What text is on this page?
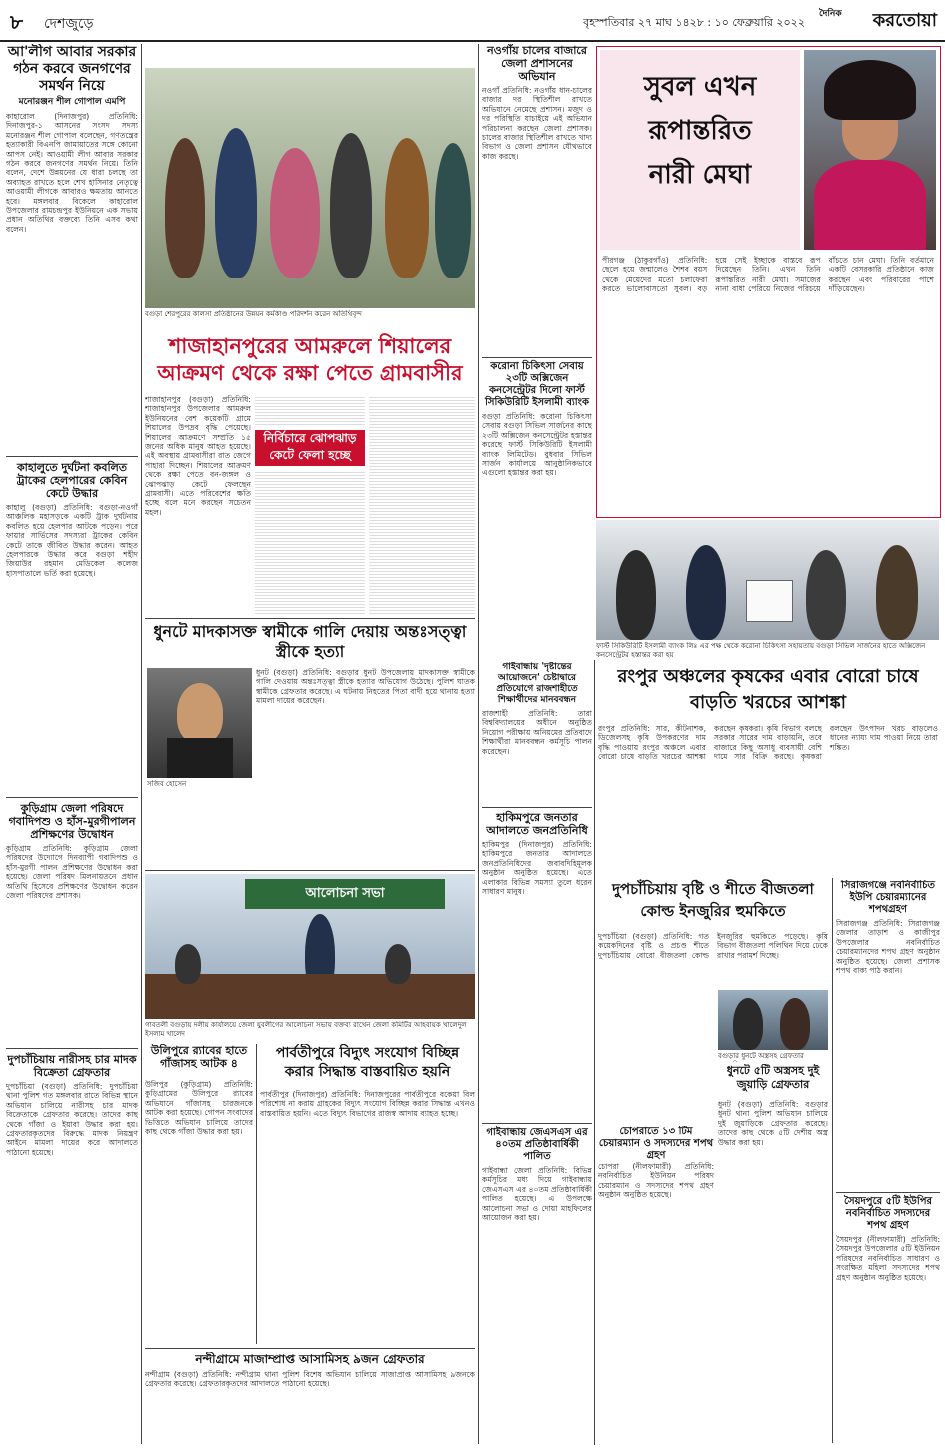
৮ দেশজুড়ে	বৃহস্পতিবার ২৭ মাঘ ১৪২৮ : ১০ ফেব্রুয়ারি ২০২২
দৈনিক করতোয়া
আ'লীগ আবার সরকার গঠন করবে জনগণের সমর্থন নিয়ে
মনোরঞ্জন শীল গোপাল এমপি
কাহারোল (দিনাজপুর) প্রতিনিধি: দিনাজপুর-১ আসনের সংসদ সদস্য মনোরঞ্জন শীল গোপাল বলেছেন, গণতন্ত্রের হত্যাকারী বিএনপি জামায়াতের সঙ্গে কোনো আপস নেই। আওয়ামী লীগ আবার সরকার গঠন করবে জনগণের সমর্থন নিয়ে। তিনি বলেন, দেশে উন্নয়নের যে ধারা চলছে তা অব্যাহত রাখতে হলে শেখ হাসিনার নেতৃত্বে আওয়ামী লীগকে আবারও ক্ষমতায় আনতে হবে। মঙ্গলবার বিকেলে কাহারোল উপজেলার রামচন্দ্রপুর ইউনিয়নে এক সভায় প্রধান অতিথির বক্তব্যে তিনি এসব কথা বলেন।
কাহালুতে দুর্ঘটনা কবলিত ট্রাকের হেলপারের কেবিন কেটে উদ্ধার
কাহালু (বগুড়া) প্রতিনিধি: বগুড়া-নওগাঁ আঞ্চলিক মহাসড়কে একটি ট্রাক দুর্ঘটনায় কবলিত হয়ে হেলপার আটকে পড়েন। পরে ফায়ার সার্ভিসের সদস্যরা ট্রাকের কেবিন কেটে তাকে জীবিত উদ্ধার করেন। আহত হেলপারকে উদ্ধার করে বগুড়া শহীদ জিয়াউর রহমান মেডিকেল কলেজ হাসপাতালে ভর্তি করা হয়েছে।
কুড়িগ্রাম জেলা পরিষদে গবাদিপশু ও হাঁস-মুরগীপালন প্রশিক্ষণের উদ্বোধন
কুড়িগ্রাম প্রতিনিধি: কুড়িগ্রাম জেলা পরিষদের উদ্যোগে দিনব্যাপী গবাদিপশু ও হাঁস-মুরগী পালন প্রশিক্ষণের উদ্বোধন করা হয়েছে। জেলা পরিষদ মিলনায়তনে প্রধান অতিথি হিসেবে প্রশিক্ষণের উদ্বোধন করেন জেলা পরিষদের প্রশাসক।
দুপচাঁচিয়ায় নারীসহ চার মাদক বিক্রেতা গ্রেফতার
দুপচাঁচিয়া (বগুড়া) প্রতিনিধি: দুপচাঁচিয়া থানা পুলিশ গত মঙ্গলবার রাতে বিভিন্ন স্থানে অভিযান চালিয়ে নারীসহ চার মাদক বিক্রেতাকে গ্রেফতার করেছে। তাদের কাছ থেকে গাঁজা ও ইয়াবা উদ্ধার করা হয়। গ্রেফতারকৃতদের বিরুদ্ধে মাদক নিয়ন্ত্রণ আইনে মামলা দায়ের করে আদালতে পাঠানো হয়েছে।
বগুড়া শেরপুরের কালসা প্রতিষ্ঠানের উন্নয়ন কর্মকাণ্ড পরিদর্শন করেন অতিথিবৃন্দ
শাজাহানপুরের আমরুলে শিয়ালের আক্রমণ থেকে রক্ষা পেতে গ্রামবাসীর
শাজাহানপুর (বগুড়া) প্রতিনিধি: শাজাহানপুর উপজেলার আমরুল ইউনিয়নের বেশ কয়েকটি গ্রামে শিয়ালের উপদ্রব বৃদ্ধি পেয়েছে। শিয়ালের আক্রমণে সম্প্রতি ১৫ জনের অধিক মানুষ আহত হয়েছে। এই অবস্থায় গ্রামবাসীরা রাত জেগে পাহারা দিচ্ছেন। শিয়ালের আক্রমণ থেকে রক্ষা পেতে বন-জঙ্গল ও ঝোপঝাড় কেটে ফেলছেন গ্রামবাসী। এতে পরিবেশের ক্ষতি হচ্ছে বলে মনে করছেন সচেতন মহল।
নির্বিচারে ঝোপঝাড় কেটে ফেলা হচ্ছে
ধুনটে মাদকাসক্ত স্বামীকে গালি দেয়ায় অন্তঃসত্ত্বা স্ত্রীকে হত্যা
সজিব হোসেন
ধুনট (বগুড়া) প্রতিনিধি: বগুড়ার ধুনট উপজেলায় মাদকাসক্ত স্বামীকে গালি দেওয়ায় অন্তঃসত্ত্বা স্ত্রীকে হত্যার অভিযোগ উঠেছে। পুলিশ ঘাতক স্বামীকে গ্রেফতার করেছে। এ ঘটনায় নিহতের পিতা বাদী হয়ে থানায় হত্যা মামলা দায়ের করেছেন।
আলোচনা সভা
গাবতলী বগুড়ায় দলীয় কার্যালয়ে জেলা যুবলীগের আলোচনা সভায় বক্তব্য রাখেন জেলা কমিটির আহবায়ক খালেদুল ইসলাম খালেদ
উলিপুরে র‍্যাবের হাতে গাঁজাসহ আটক ৪
উলিপুর (কুড়িগ্রাম) প্রতিনিধি: কুড়িগ্রামের উলিপুরে র‍্যাবের অভিযানে গাঁজাসহ চারজনকে আটক করা হয়েছে। গোপন সংবাদের ভিত্তিতে অভিযান চালিয়ে তাদের কাছ থেকে গাঁজা উদ্ধার করা হয়।
পার্বতীপুরে বিদ্যুৎ সংযোগ বিচ্ছিন্ন করার সিদ্ধান্ত বাস্তবায়িত হয়নি
পার্বতীপুর (দিনাজপুর) প্রতিনিধি: দিনাজপুরের পার্বতীপুরে বকেয়া বিল পরিশোধ না করায় গ্রাহকের বিদ্যুৎ সংযোগ বিচ্ছিন্ন করার সিদ্ধান্ত এখনও বাস্তবায়িত হয়নি। এতে বিদ্যুৎ বিভাগের রাজস্ব আদায় ব্যাহত হচ্ছে।
নন্দীগ্রামে মাজাম্প্রাপ্ত আসামিসহ ৯জন গ্রেফতার
নন্দীগ্রাম (বগুড়া) প্রতিনিধি: নন্দীগ্রাম থানা পুলিশ বিশেষ অভিযান চালিয়ে সাজাপ্রাপ্ত আসামিসহ ৯জনকে গ্রেফতার করেছে। গ্রেফতারকৃতদের আদালতে পাঠানো হয়েছে।
নওগাঁয় চালের বাজারে জেলা প্রশাসনের অভিযান
নওগাঁ প্রতিনিধি: নওগাঁয় ধান-চালের বাজার দর স্থিতিশীল রাখতে অভিযানে নেমেছে প্রশাসন। মজুদ ও দর পরিস্থিতি যাচাইয়ে এই অভিযান পরিচালনা করছেন জেলা প্রশাসক। চালের বাজার স্থিতিশীল রাখতে খাদ্য বিভাগ ও জেলা প্রশাসন যৌথভাবে কাজ করছে।
করোনা চিকিৎসা সেবায় ২৩টি অক্সিজেন কনসেন্ট্রেটর দিলো ফার্স্ট সিকিউরিটি ইসলামী ব্যাংক
বগুড়া প্রতিনিধি: করোনা চিকিৎসা সেবায় বগুড়া সিভিল সার্জনের কাছে ২৩টি অক্সিজেন কনসেন্ট্রেটর হস্তান্তর করেছে ফার্স্ট সিকিউরিটি ইসলামী ব্যাংক লিমিটেড। বুধবার সিভিল সার্জন কার্যালয়ে আনুষ্ঠানিকভাবে এগুলো হস্তান্তর করা হয়।
সুবল এখন
রূপান্তরিত
নারী মেঘা
পীরগঞ্জ (ঠাকুরগাঁও) প্রতিনিধি: ছেলে হয়ে জন্মালেও শৈশব বয়স থেকে মেয়েদের মতো চলাফেরা করতে ভালোবাসতো সুবল। বড় হয়ে সেই ইচ্ছাকে বাস্তবে রূপ দিয়েছেন তিনি। এখন তিনি রূপান্তরিত নারী মেঘা। সমাজের নানা বাধা পেরিয়ে নিজের পরিচয়ে বাঁচতে চান মেঘা। তিনি বর্তমানে একটি বেসরকারি প্রতিষ্ঠানে কাজ করছেন এবং পরিবারের পাশে দাঁড়িয়েছেন।
ফার্স্ট সিকিউরিটি ইসলামী ব্যাংক লিঃ এর পক্ষ থেকে করোনা চিকিৎসা সহায়তায় বগুড়া সিভিল সার্জনের হাতে অক্সিজেন কনসেন্ট্রেটর হস্তান্তর করা হয়
গাইবান্ধায় 'দৃষ্টান্তের আয়োজনে' চেষ্টাদ্বারে প্রতিযোগে রাজশাহীতে শিক্ষার্থীদের মানববন্ধন
রাজশাহী প্রতিনিধি: তারা বিশ্ববিদ্যালয়ের অধীনে অনুষ্ঠিত নিয়োগ পরীক্ষায় অনিয়মের প্রতিবাদে শিক্ষার্থীরা মানববন্ধন কর্মসূচি পালন করেছেন।
হাকিমপুরে জনতার আদালতে জনপ্রতিনিধি
হাকিমপুর (দিনাজপুর) প্রতিনিধি: হাকিমপুরে জনতার আদালতে জনপ্রতিনিধিদের জবাবদিহিমূলক অনুষ্ঠান অনুষ্ঠিত হয়েছে। এতে এলাকার বিভিন্ন সমস্যা তুলে ধরেন সাধারণ মানুষ।
গাইবান্ধায় জেএসএস এর ৪০তম প্রতিষ্ঠাবার্ষিকী পালিত
গাইবান্ধা জেলা প্রতিনিধি: বিভিন্ন কর্মসূচির মধ্য দিয়ে গাইবান্ধায় জেএসএস এর ৪০তম প্রতিষ্ঠাবার্ষিকী পালিত হয়েছে। এ উপলক্ষে আলোচনা সভা ও দোয়া মাহফিলের আয়োজন করা হয়।
রংপুর অঞ্চলের কৃষকের এবার বোরো চাষে বাড়তি খরচের আশঙ্কা
রংপুর প্রতিনিধি: সার, কীটনাশক, ডিজেলসহ কৃষি উপকরণের দাম বৃদ্ধি পাওয়ায় রংপুর অঞ্চলে এবার বোরো চাষে বাড়তি খরচের আশঙ্কা করছেন কৃষকরা। কৃষি বিভাগ বলছে সরকার সারের দাম বাড়ায়নি, তবে বাজারে কিছু অসাধু ব্যবসায়ী বেশি দামে সার বিক্রি করছে। কৃষকরা বলছেন উৎপাদন খরচ বাড়লেও ধানের ন্যায্য দাম পাওয়া নিয়ে তারা শঙ্কিত।
দুপচাঁচিয়ায় বৃষ্টি ও শীতে বীজতলা কোল্ড ইনজুরির হুমকিতে
দুপচাঁচিয়া (বগুড়া) প্রতিনিধি: গত কয়েকদিনের বৃষ্টি ও প্রচণ্ড শীতে দুপচাঁচিয়ায় বোরো বীজতলা কোল্ড ইনজুরির হুমকিতে পড়েছে। কৃষি বিভাগ বীজতলা পলিথিন দিয়ে ঢেকে রাখার পরামর্শ দিচ্ছে।
বগুড়ার ধুনটে অস্ত্রসহ গ্রেফতার
ধুনটে ৫টি অস্ত্রসহ দুই জুয়াড়ি গ্রেফতার
ধুনট (বগুড়া) প্রতিনিধি: বগুড়ার ধুনট থানা পুলিশ অভিযান চালিয়ে দুই জুয়াড়িকে গ্রেফতার করেছে। তাদের কাছ থেকে ৫টি দেশীয় অস্ত্র উদ্ধার করা হয়।
চোপরাতে ১৩ টিম চেয়ারম্যান ও সদস্যদের শপথ গ্রহণ
চোপরা (নীলফামারী) প্রতিনিধি: নবনির্বাচিত ইউনিয়ন পরিষদ চেয়ারম্যান ও সদস্যদের শপথ গ্রহণ অনুষ্ঠান অনুষ্ঠিত হয়েছে।
সিরাজগঞ্জে নবনির্বাচিত ইউপি চেয়ারম্যানের শপথগ্রহণ
সিরাজগঞ্জ প্রতিনিধি: সিরাজগঞ্জ জেলার তাড়াশ ও কাজীপুর উপজেলার নবনির্বাচিত চেয়ারম্যানদের শপথ গ্রহণ অনুষ্ঠান অনুষ্ঠিত হয়েছে। জেলা প্রশাসক শপথ বাক্য পাঠ করান।
সৈয়দপুরে ৫টি ইউপির নবনির্বাচিত সদস্যদের শপথ গ্রহণ
সৈয়দপুর (নীলফামারী) প্রতিনিধি: সৈয়দপুর উপজেলার ৫টি ইউনিয়ন পরিষদের নবনির্বাচিত সাধারণ ও সংরক্ষিত মহিলা সদস্যদের শপথ গ্রহণ অনুষ্ঠান অনুষ্ঠিত হয়েছে।
